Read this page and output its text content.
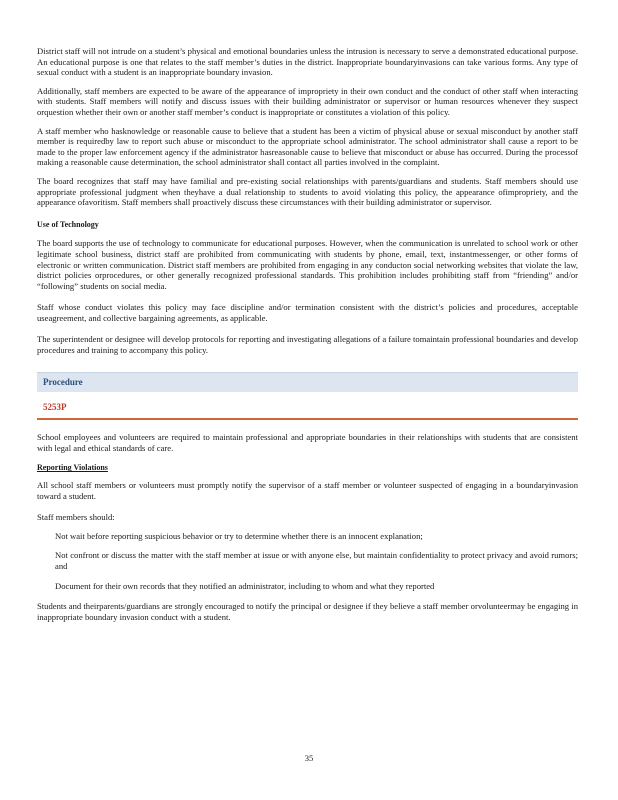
District staff will not intrude on a student’s physical and emotional boundaries unless the intrusion is necessary to serve a demonstrated educational purpose. An educational purpose is one that relates to the staff member’s duties in the district. Inappropriate boundaryinvasions can take various forms. Any type of sexual conduct with a student is an inappropriate boundary invasion.

Additionally, staff members are expected to be aware of the appearance of impropriety in their own conduct and the conduct of other staff when interacting with students. Staff members will notify and discuss issues with their building administrator or supervisor or human resources whenever they suspect orquestion whether their own or another staff member’s conduct is inappropriate or constitutes a violation of this policy.

A staff member who hasknowledge or reasonable cause to believe that a student has been a victim of physical abuse or sexual misconduct by another staff member is requiredby law to report such abuse or misconduct to the appropriate school administrator. The school administrator shall cause a report to be made to the proper law enforcement agency if the administrator hasreasonable cause to believe that misconduct or abuse has occurred. During the processof making a reasonable cause determination, the school administrator shall contact all parties involved in the complaint.

The board recognizes that staff may have familial and pre-existing social relationships with parents/guardians and students. Staff members should use appropriate professional judgment when theyhave a dual relationship to students to avoid violating this policy, the appearance ofimpropriety, and the appearance ofavoritism. Staff members shall proactively discuss these circumstances with their building administrator or supervisor.

Use of Technology

The board supports the use of technology to communicate for educational purposes. However, when the communication is unrelated to school work or other legitimate school business, district staff are prohibited from communicating with students by phone, email, text, instantmessenger, or other forms of electronic or written communication. District staff members are prohibited from engaging in any conducton social networking websites that violate the law, district policies orprocedures, or other generally recognized professional standards. This prohibition includes prohibiting staff from “friending” and/or “following” students on social media.

Staff whose conduct violates this policy may face discipline and/or termination consistent with the district’s policies and procedures, acceptable useagreement, and collective bargaining agreements, as applicable.

The superintendent or designee will develop protocols for reporting and investigating allegations of a failure tomaintain professional boundaries and develop procedures and training to accompany this policy.

Procedure
5253P

School employees and volunteers are required to maintain professional and appropriate boundaries in their relationships with students that are consistent with legal and ethical standards of care.

Reporting Violations

All school staff members or volunteers must promptly notify the supervisor of a staff member or volunteer suspected of engaging in a boundaryinvasion toward a student.

Staff members should:

Not wait before reporting suspicious behavior or try to determine whether there is an innocent explanation;
Not confront or discuss the matter with the staff member at issue or with anyone else, but maintain confidentiality to protect privacy and avoid rumors; and
Document for their own records that they notified an administrator, including to whom and what they reported

Students and theirparents/guardians are strongly encouraged to notify the principal or designee if they believe a staff member orvolunteermay be engaging in inappropriate boundary invasion conduct with a student.

35
